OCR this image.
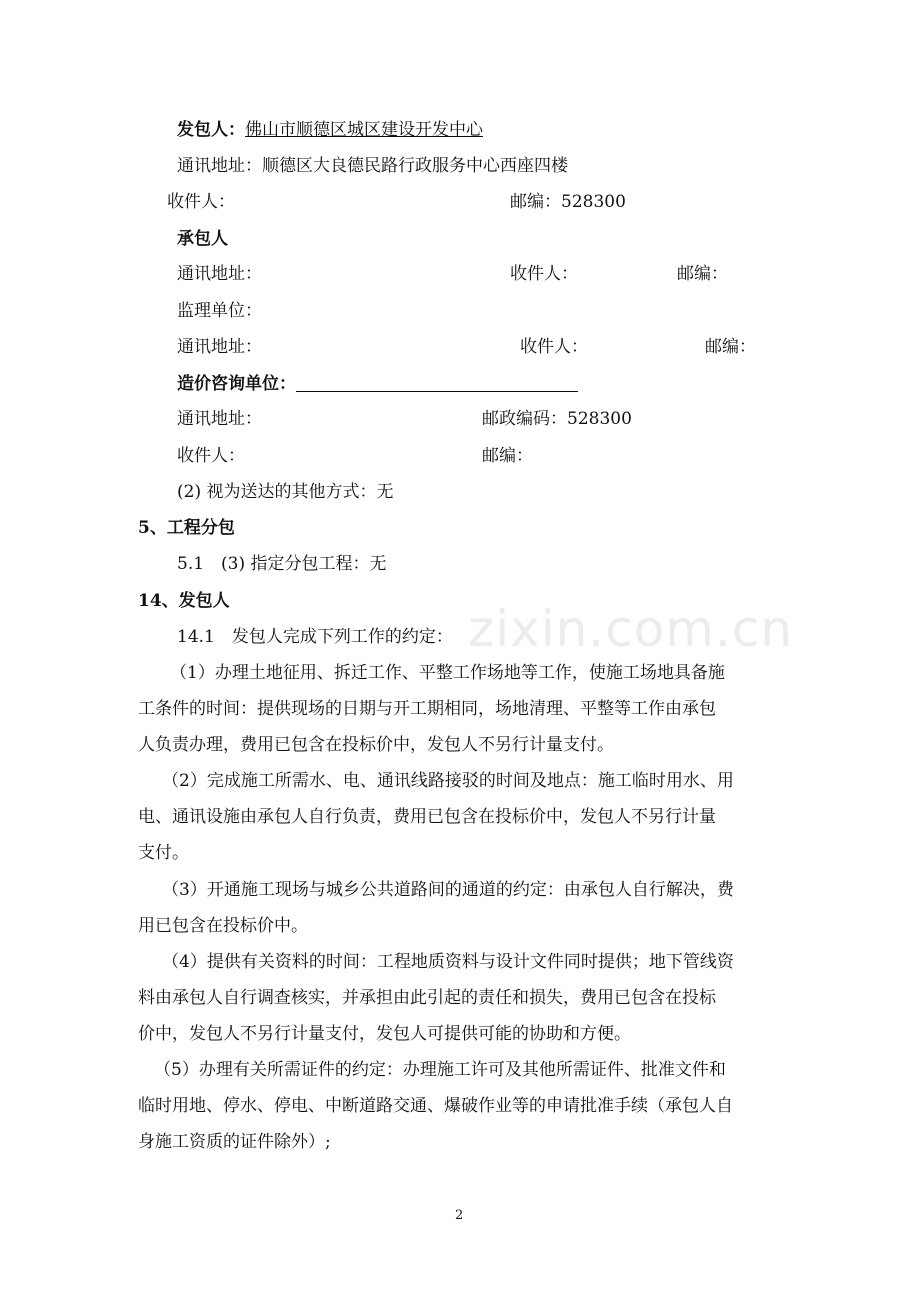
zixin.com.cn
发包人：佛山市顺德区城区建设开发中心
通讯地址：顺德区大良德民路行政服务中心西座四楼
收件人：	邮编：528300
承包人
通讯地址：	收件人：	邮编：
监理单位：
通讯地址：	收件人：	邮编：
造价咨询单位：
通讯地址：	邮政编码：528300
收件人：	邮编：
(2) 视为送达的其他方式：无
5、工程分包
5.1　(3) 指定分包工程：无
14、发包人
14.1　发包人完成下列工作的约定：
（1）办理土地征用、拆迁工作、平整工作场地等工作，使施工场地具备施
工条件的时间：提供现场的日期与开工期相同，场地清理、平整等工作由承包
人负责办理，费用已包含在投标价中，发包人不另行计量支付。
（2）完成施工所需水、电、通讯线路接驳的时间及地点：施工临时用水、用
电、通讯设施由承包人自行负责，费用已包含在投标价中，发包人不另行计量
支付。
（3）开通施工现场与城乡公共道路间的通道的约定：由承包人自行解决，费
用已包含在投标价中。
（4）提供有关资料的时间：工程地质资料与设计文件同时提供；地下管线资
料由承包人自行调查核实，并承担由此引起的责任和损失，费用已包含在投标
价中，发包人不另行计量支付，发包人可提供可能的协助和方便。
（5）办理有关所需证件的约定：办理施工许可及其他所需证件、批准文件和
临时用地、停水、停电、中断道路交通、爆破作业等的申请批准手续（承包人自
身施工资质的证件除外）;
2
